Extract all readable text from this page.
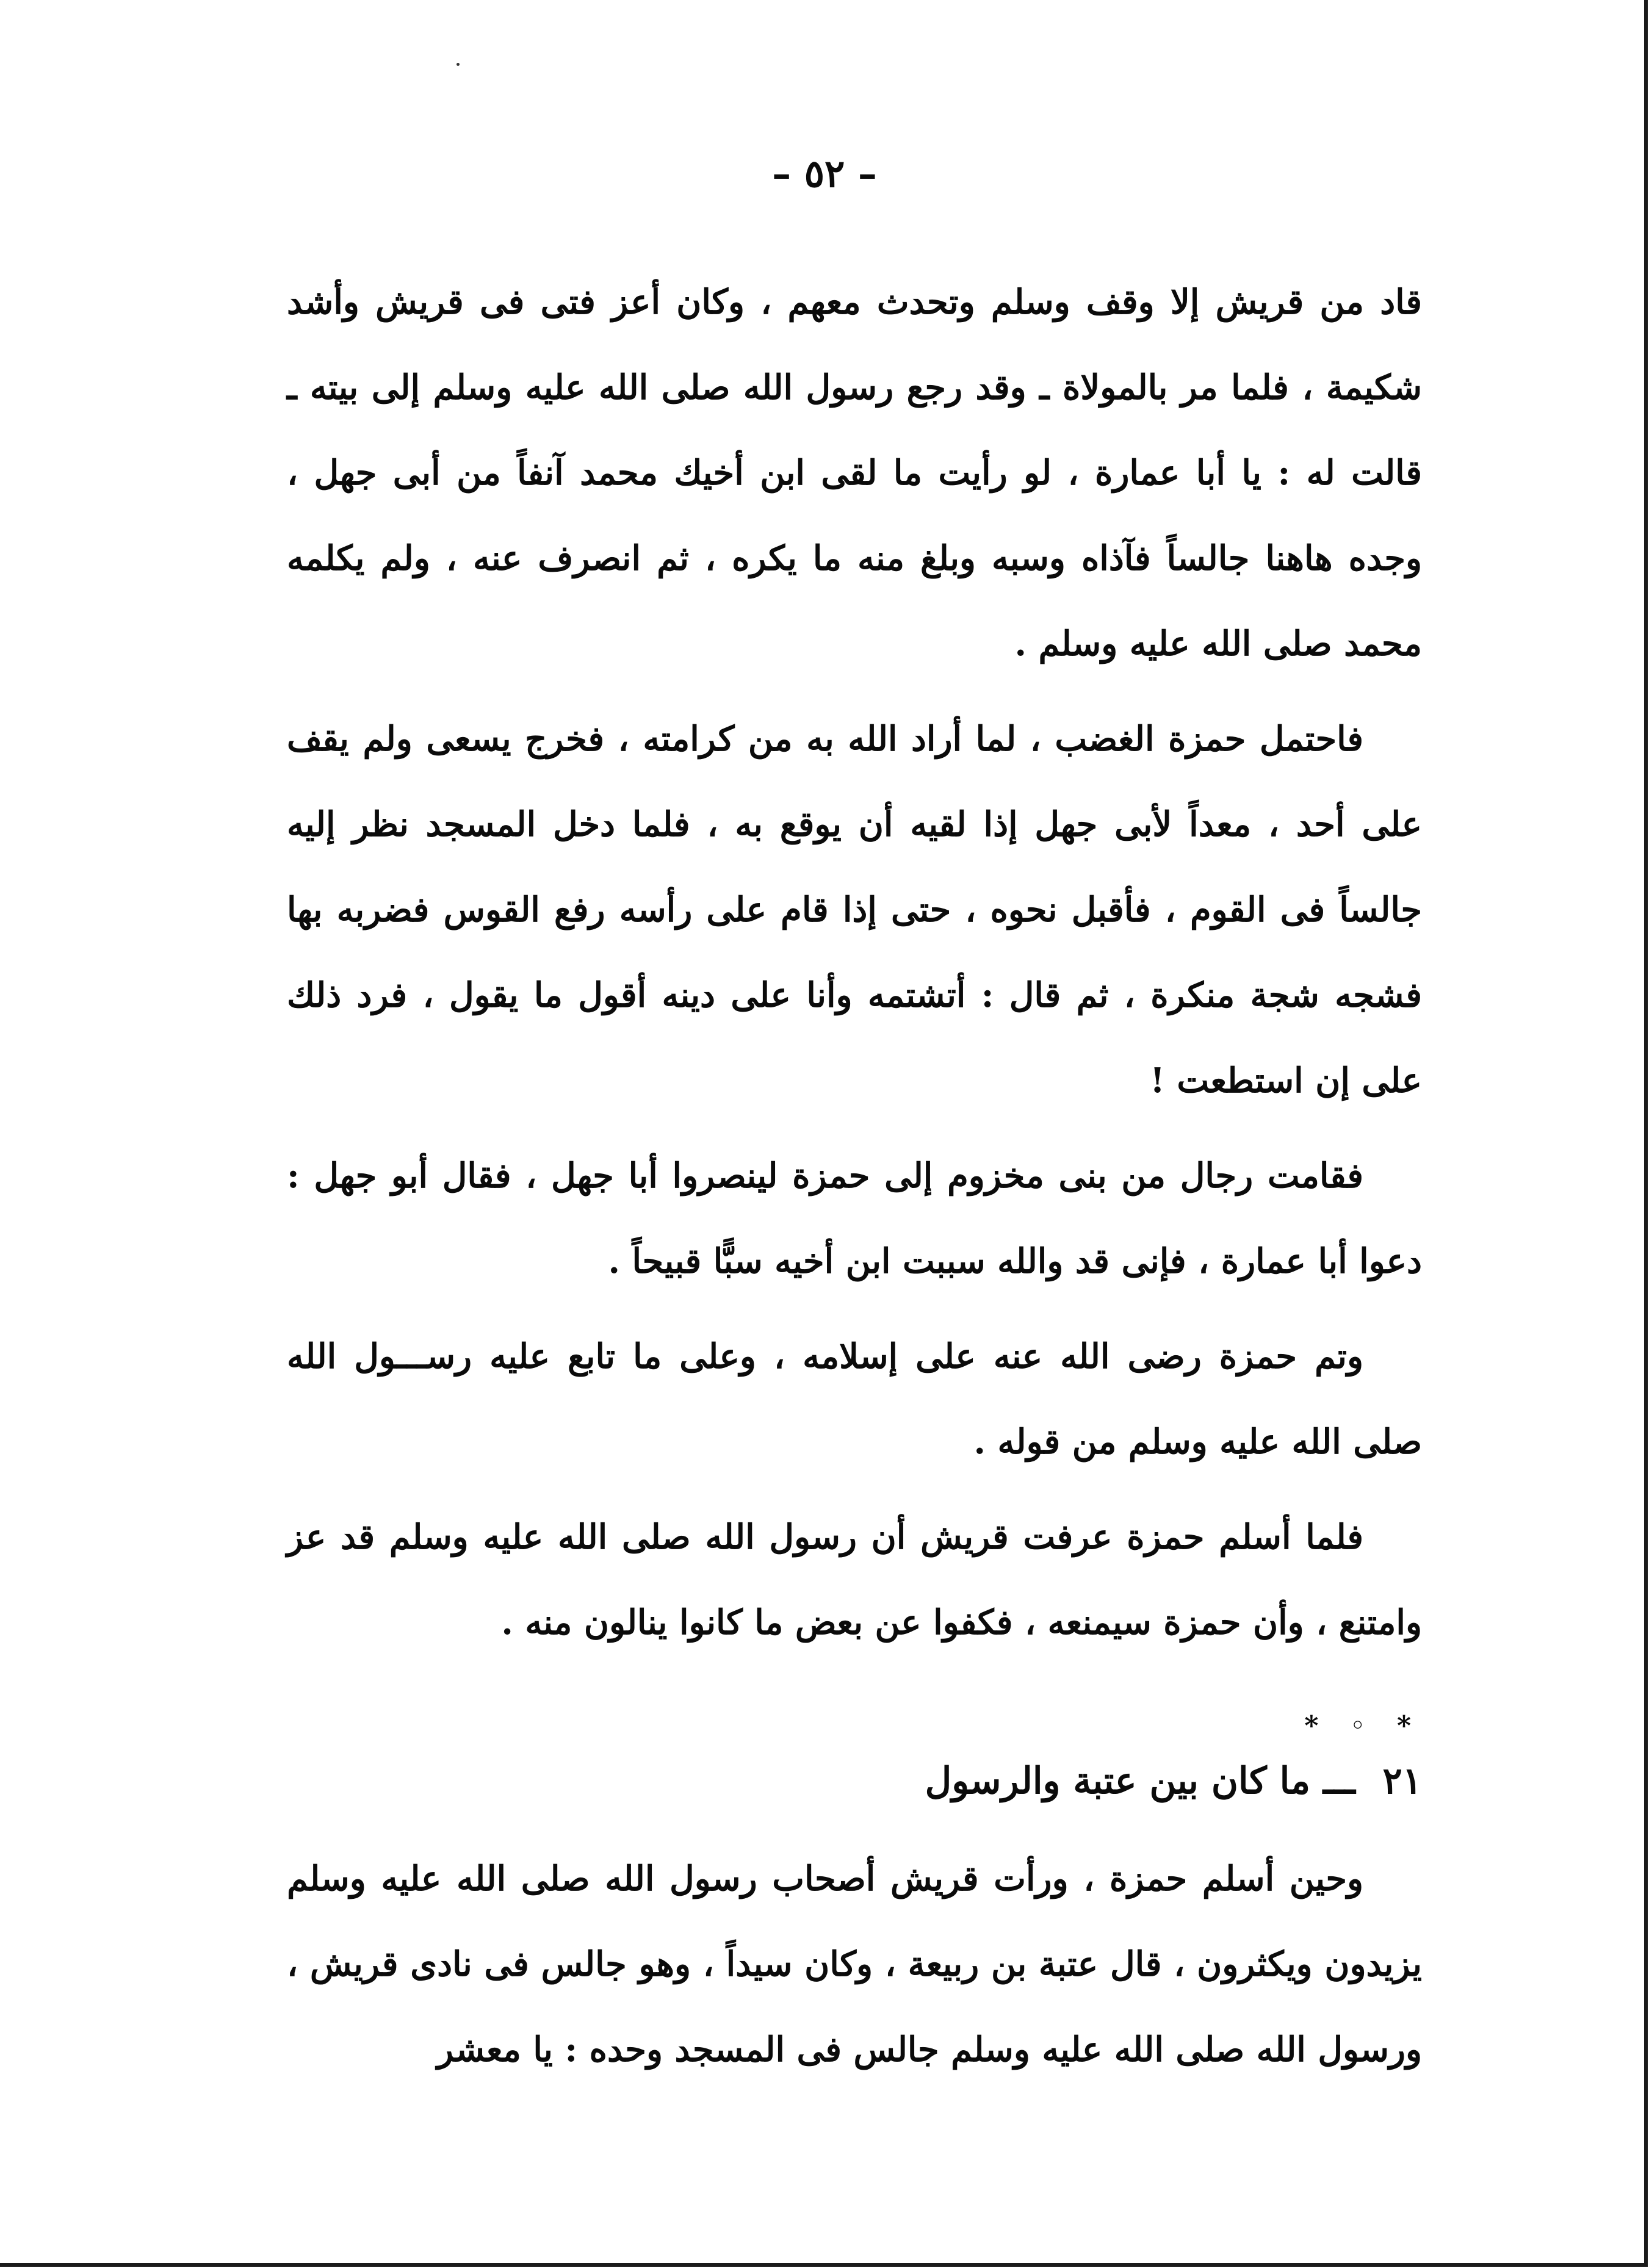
– ٥٢ –

قاد من قريش إلا وقف وسلم وتحدث معهم ، وكان أعز فتى فى قريش وأشد شكيمة ، فلما مر بالمولاة ـ وقد رجع رسول الله صلى الله عليه وسلم إلى بيته ـ قالت له : يا أبا عمارة ، لو رأيت ما لقى ابن أخيك محمد آنفاً من أبى جهل ، وجده هاهنا جالساً فآذاه وسبه وبلغ منه ما يكره ، ثم انصرف عنه ، ولم يكلمه محمد صلى الله عليه وسلم .

فاحتمل حمزة الغضب ، لما أراد الله به من كرامته ، فخرج يسعى ولم يقف على أحد ، معداً لأبى جهل إذا لقيه أن يوقع به ، فلما دخل المسجد نظر إليه جالساً فى القوم ، فأقبل نحوه ، حتى إذا قام على رأسه رفع القوس فضربه بها فشجه شجة منكرة ، ثم قال : أتشتمه وأنا على دينه أقول ما يقول ، فرد ذلك على إن استطعت !

فقامت رجال من بنى مخزوم إلى حمزة لينصروا أبا جهل ، فقال أبو جهل : دعوا أبا عمارة ، فإنى قد والله سببت ابن أخيه سبًّا قبيحاً .

وتم حمزة رضى الله عنه على إسلامه ، وعلى ما تابع عليه رســـول الله صلى الله عليه وسلم من قوله .

فلما أسلم حمزة عرفت قريش أن رسول الله صلى الله عليه وسلم قد عز وامتنع ، وأن حمزة سيمنعه ، فكفوا عن بعض ما كانوا ينالون منه .

* ◦ *
٢١ ـــ ما كان بين عتبة والرسول

وحين أسلم حمزة ، ورأت قريش أصحاب رسول الله صلى الله عليه وسلم يزيدون ويكثرون ، قال عتبة بن ربيعة ، وكان سيداً ، وهو جالس فى نادى قريش ، ورسول الله صلى الله عليه وسلم جالس فى المسجد وحده : يا معشر
